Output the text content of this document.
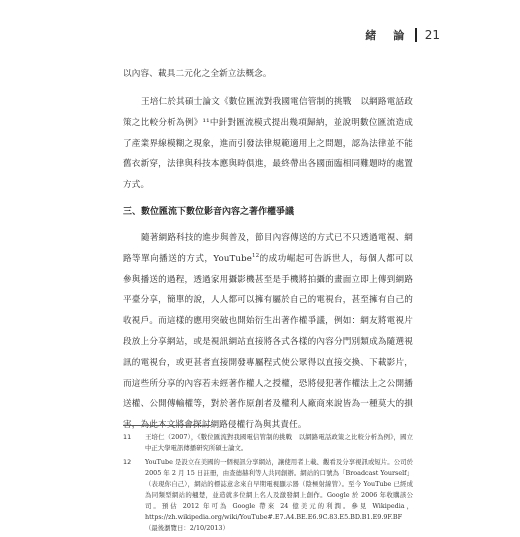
緒　論 21

以內容、載具二元化之全新立法概念。

王培仁於其碩士論文《數位匯流對我國電信管制的挑戰　以網路電話政策之比較分析為例》¹¹中針對匯流模式提出幾項歸納，並說明數位匯流造成了產業界線模糊之現象，進而引發法律規範適用上之問題，認為法律並不能舊衣新穿，法律與科技本應與時俱進，最終帶出各國面臨相同難題時的處置方式。

三、數位匯流下數位影音內容之著作權爭議

隨著網路科技的進步與普及，節目內容傳送的方式已不只透過電視、網路等單向播送的方式，YouTube$^{12}$的成功崛起可告訴世人，每個人都可以參與播送的過程，透過家用攝影機甚至是手機將拍攝的畫面立即上傳到網路平臺分享，簡單的說，人人都可以擁有屬於自己的電視台，甚至擁有自己的收視戶。而這樣的應用突破也開始衍生出著作權爭議，例如：網友將電視片段放上分享網站，或是視訊網站直接將各式各樣的內容分門別類成為隨選視訊的電視台，或更甚者直接開發專屬程式使公眾得以直接交換、下載影片，而這些所分享的內容若未經著作權人之授權，恐將侵犯著作權法上之公開播送權、公開傳輸權等，對於著作原創者及權利人廠商來說皆為一種莫大的損害，為此本文將會探討網路侵權行為與其責任。

11	王培仁（2007），《數位匯流對我國電信管制的挑戰　以網路電話政策之比較分析為例》，國立中正大學電訊傳播研究所碩士論文。
12	YouTube 是設立在美國的一個視訊分享網站，讓使用者上載、觀看及分享視訊或短片。公司於 2005 年 2 月 15 日註冊，由查德赫利等人共同創辦。網站的口號為「Broadcast Yourself」（表現你自己），網站的標誌意念來自早期電視顯示器（陰極射線管）。至今 YouTube 已經成為同類型網站的翹楚，並造就多位網上名人及激發網上創作。Google 於 2006 年收購該公司。預估 2012 年可為 Google 帶來 24 億美元的利潤。參見 Wikipedia，https://zh.wikipedia.org/wiki/YouTube#.E7.A4.BE.E6.9C.83.E5.BD.B1.E9.9F.BF（最後瀏覽日：2/10/2013）
